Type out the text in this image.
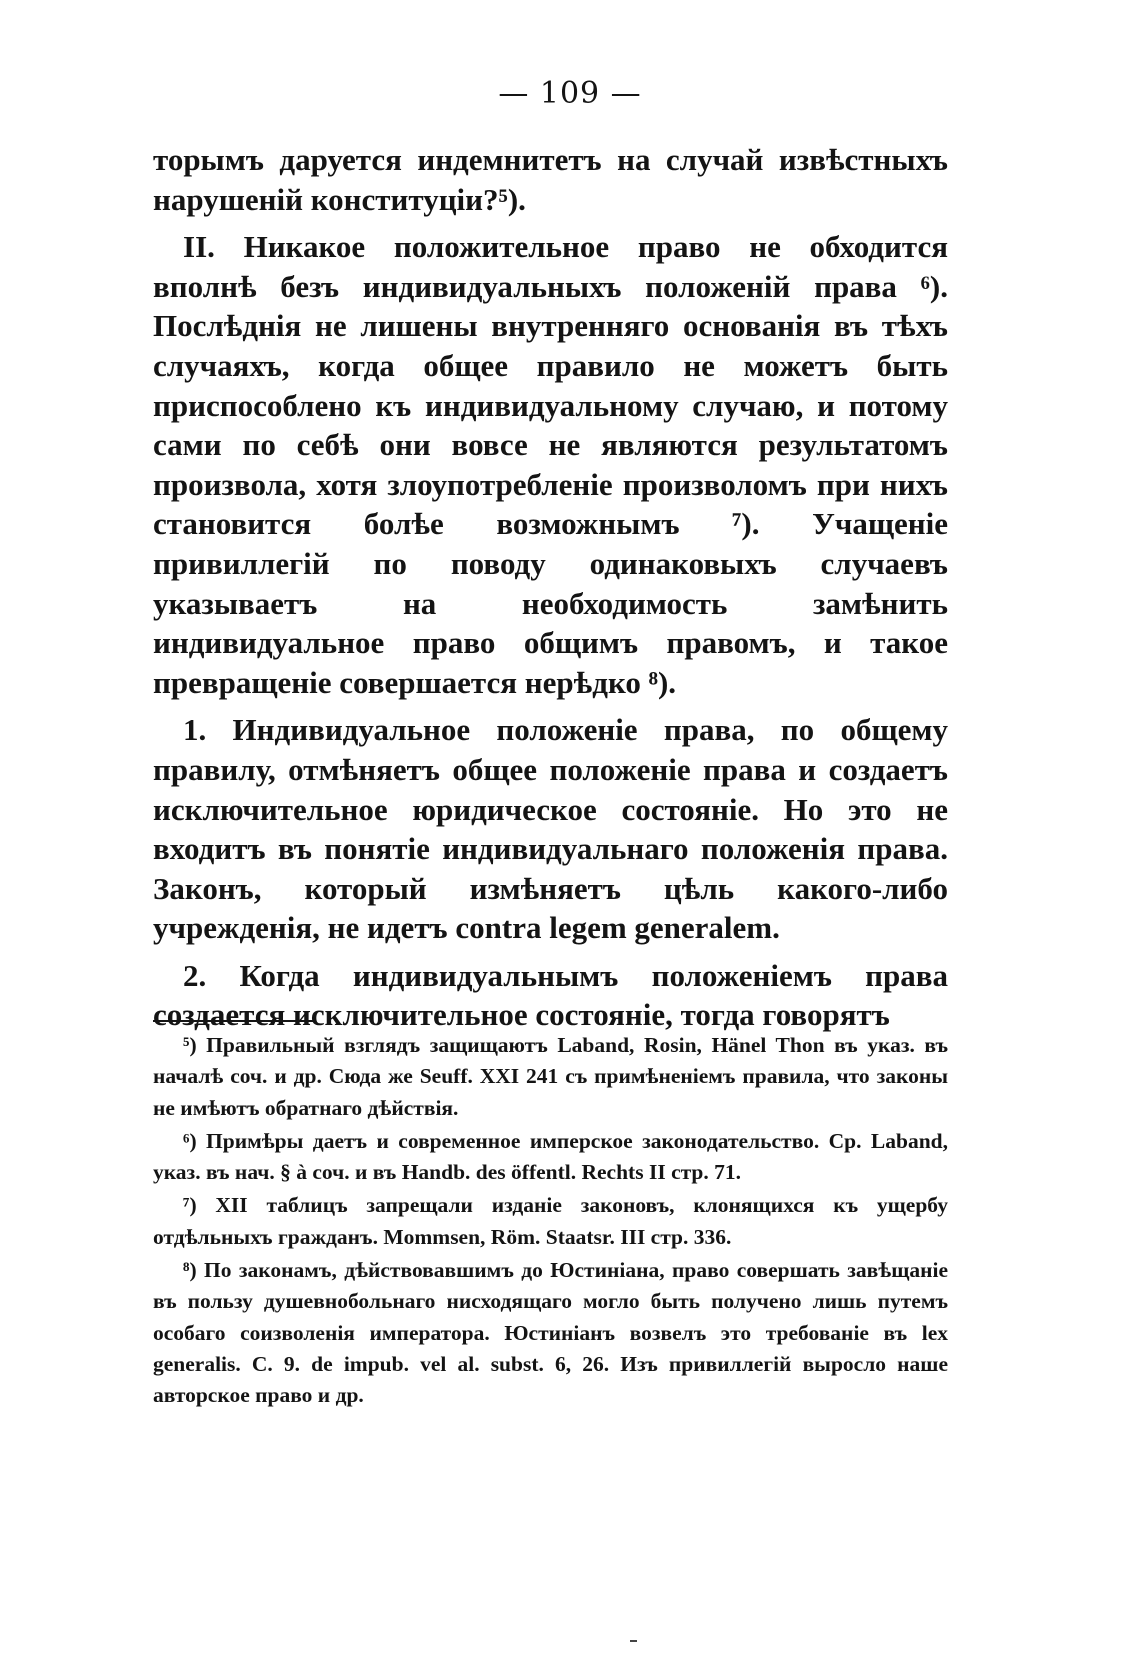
— 109 —

торымъ даруется индемнитетъ на случай извѣстныхъ нарушеній конституціи?⁵).

II. Никакое положительное право не обходится вполнѣ безъ индивидуальныхъ положеній права ⁶). Послѣднія не лишены внутренняго основанія въ тѣхъ случаяхъ, когда общее правило не можетъ быть приспособлено къ индивидуальному случаю, и потому сами по себѣ они вовсе не являются результатомъ произвола, хотя злоупотребленіе произволомъ при нихъ становится болѣе возможнымъ ⁷). Учащеніе привиллегій по поводу одинаковыхъ случаевъ указываетъ на необходимость замѣнить индивидуальное право общимъ правомъ, и такое превращеніе совершается нерѣдко ⁸).

1. Индивидуальное положеніе права, по общему правилу, отмѣняетъ общее положеніе права и создаетъ исключительное юридическое состояніе. Но это не входитъ въ понятіе индивидуальнаго положенія права. Законъ, который измѣняетъ цѣль какого-либо учрежденія, не идетъ contra legem generalem.

2. Когда индивидуальнымъ положеніемъ права создается исключительное состояніе, тогда говорятъ

⁵) Правильный взглядъ защищаютъ Laband, Rosin, Hänel Thon въ указ. въ началѣ соч. и др. Сюда же Seuff. XXI 241 съ примѣненіемъ правила, что законы не имѣютъ обратнаго дѣйствія.

⁶) Примѣры даетъ и современное имперское законодательство. Ср. Laband, указ. въ нач. § à соч. и въ Handb. des öffentl. Rechts II стр. 71.

⁷) XII таблицъ запрещали изданіе законовъ, клонящихся къ ущербу отдѣльныхъ гражданъ. Mommsen, Röm. Staatsr. III стр. 336.

⁸) По законамъ, дѣйствовавшимъ до Юстиніана, право совершать завѣщаніе въ пользу душевнобольнаго нисходящаго могло быть получено лишь путемъ особаго соизволенія императора. Юстиніанъ возвелъ это требованіе въ lex generalis. C. 9. de impub. vel al. subst. 6, 26. Изъ привиллегій выросло наше авторское право и др.
